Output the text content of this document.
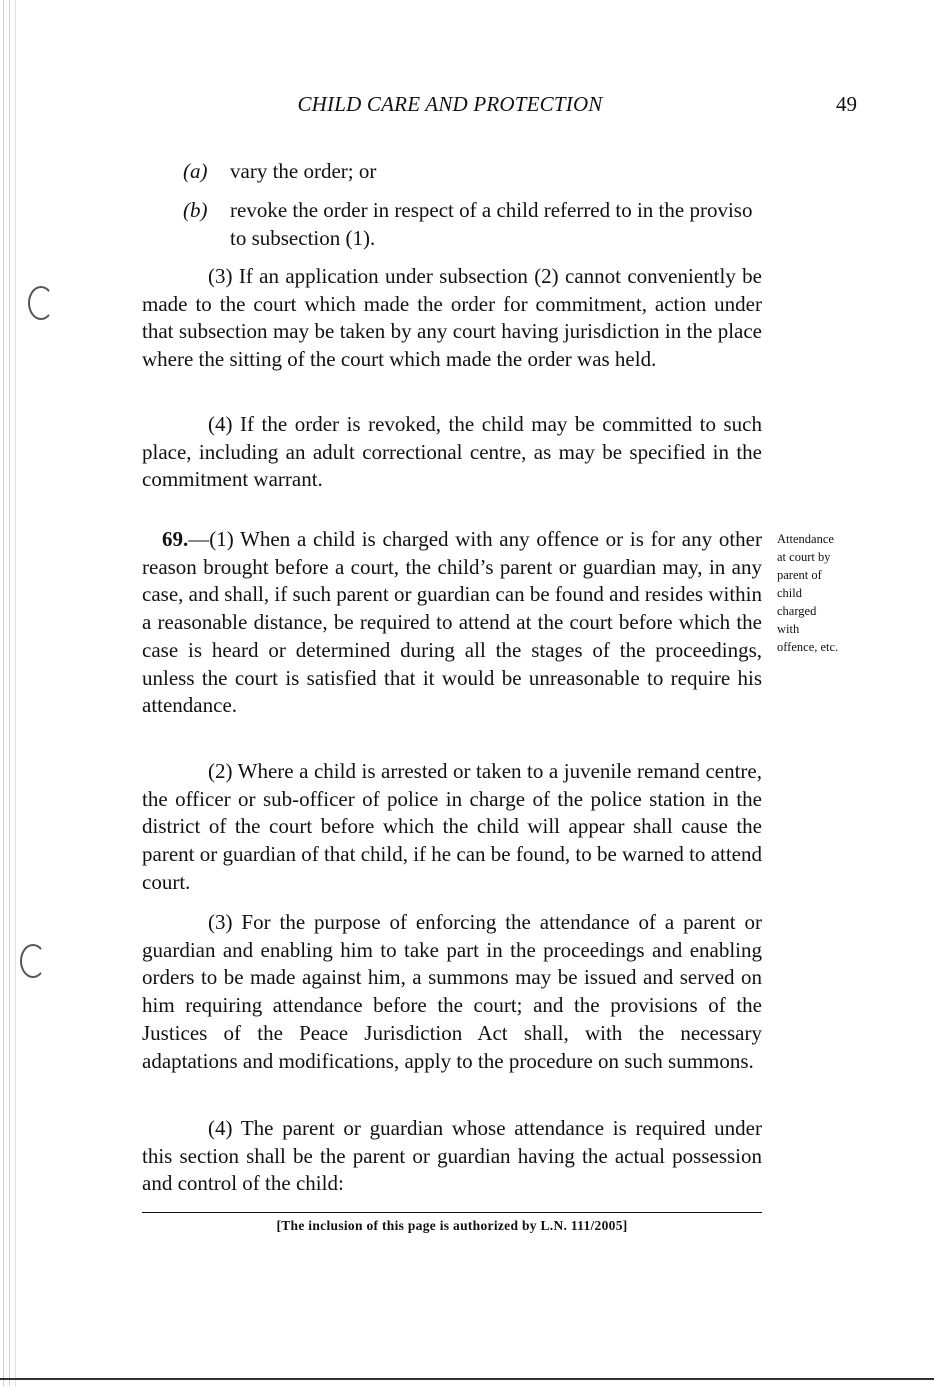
CHILD CARE AND PROTECTION	49
(a) vary the order; or
(b) revoke the order in respect of a child referred to in the proviso to subsection (1).

(3) If an application under subsection (2) cannot conveniently be made to the court which made the order for commitment, action under that subsection may be taken by any court having jurisdiction in the place where the sitting of the court which made the order was held.

(4) If the order is revoked, the child may be committed to such place, including an adult correctional centre, as may be specified in the commitment warrant.

69.—(1) When a child is charged with any offence or is for any other reason brought before a court, the child’s parent or guardian may, in any case, and shall, if such parent or guardian can be found and resides within a reasonable distance, be required to attend at the court before which the case is heard or determined during all the stages of the proceedings, unless the court is satisfied that it would be unreasonable to require his attendance.

Attendance
at court by
parent of
child
charged
with
offence, etc.

(2) Where a child is arrested or taken to a juvenile remand centre, the officer or sub-officer of police in charge of the police station in the district of the court before which the child will appear shall cause the parent or guardian of that child, if he can be found, to be warned to attend court.

(3) For the purpose of enforcing the attendance of a parent or guardian and enabling him to take part in the proceedings and enabling orders to be made against him, a summons may be issued and served on him requiring attendance before the court; and the provisions of the Justices of the Peace Jurisdiction Act shall, with the necessary adaptations and modifications, apply to the procedure on such summons.

(4) The parent or guardian whose attendance is required under this section shall be the parent or guardian having the actual possession and control of the child:

[The inclusion of this page is authorized by L.N. 111/2005]
